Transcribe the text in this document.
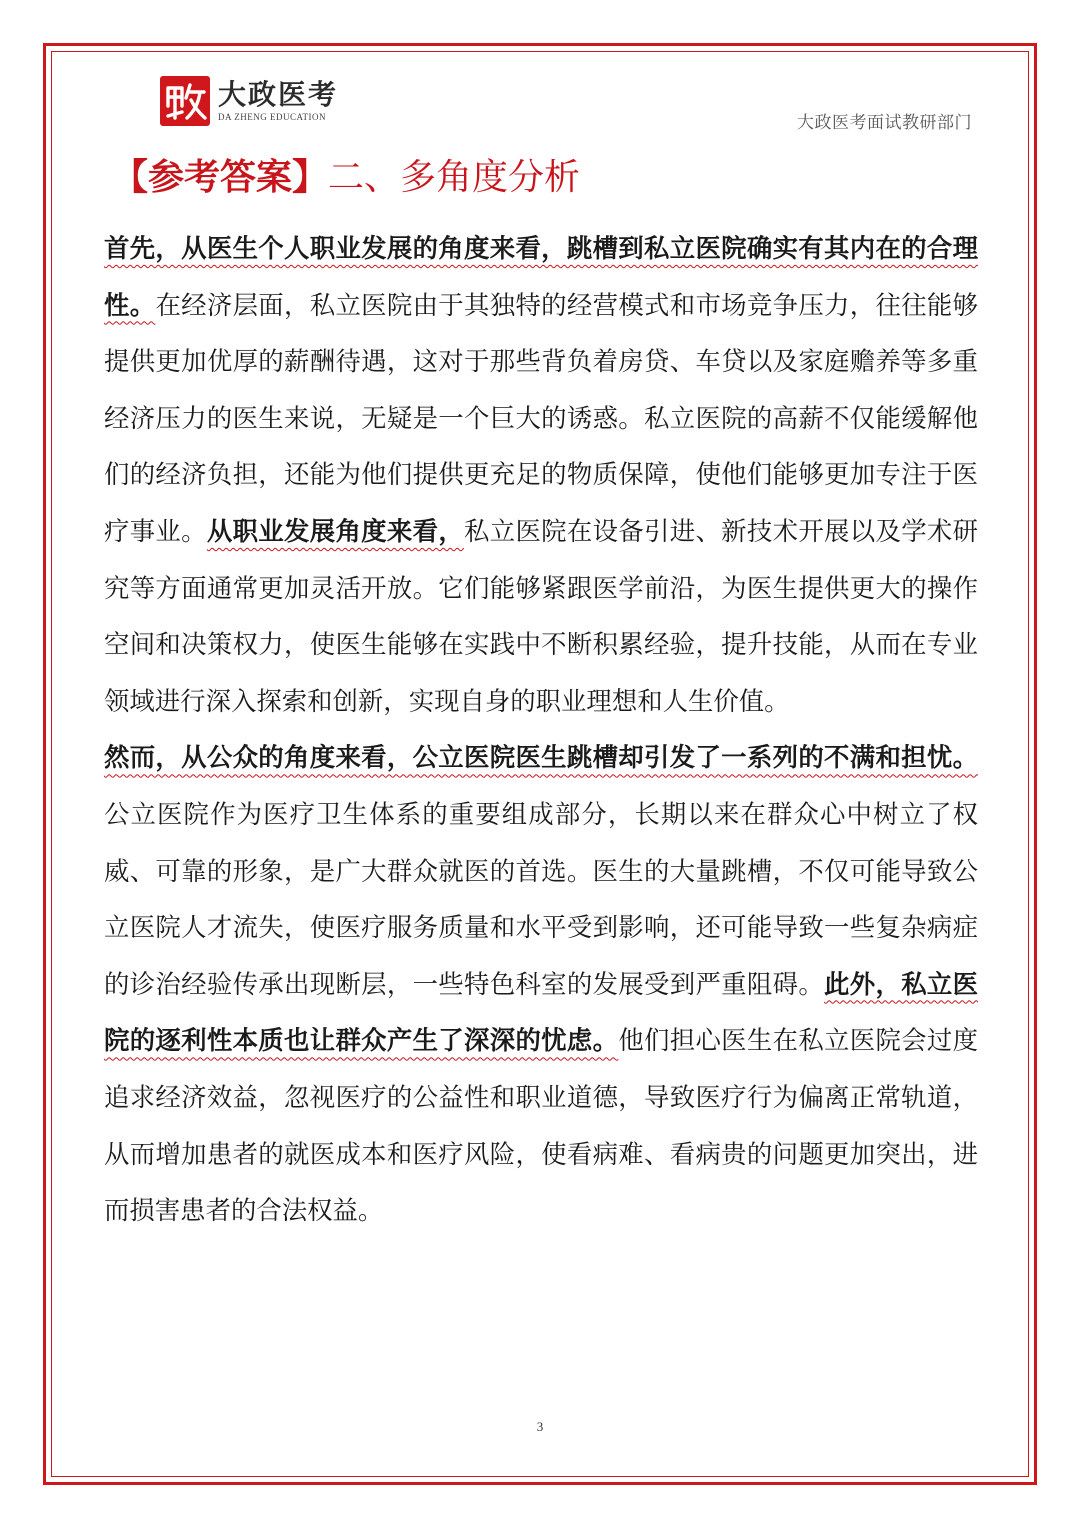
大政医考
DA ZHENG EDUCATION	大政医考面试教研部门
【参考答案】二、多角度分析

首先，从医生个人职业发展的角度来看，跳槽到私立医院确实有其内在的合理性。在经济层面，私立医院由于其独特的经营模式和市场竞争压力，往往能够提供更加优厚的薪酬待遇，这对于那些背负着房贷、车贷以及家庭赡养等多重经济压力的医生来说，无疑是一个巨大的诱惑。私立医院的高薪不仅能缓解他们的经济负担，还能为他们提供更充足的物质保障，使他们能够更加专注于医疗事业。从职业发展角度来看，私立医院在设备引进、新技术开展以及学术研究等方面通常更加灵活开放。它们能够紧跟医学前沿，为医生提供更大的操作空间和决策权力，使医生能够在实践中不断积累经验，提升技能，从而在专业领域进行深入探索和创新，实现自身的职业理想和人生价值。

然而，从公众的角度来看，公立医院医生跳槽却引发了一系列的不满和担忧。公立医院作为医疗卫生体系的重要组成部分，长期以来在群众心中树立了权威、可靠的形象，是广大群众就医的首选。医生的大量跳槽，不仅可能导致公立医院人才流失，使医疗服务质量和水平受到影响，还可能导致一些复杂病症的诊治经验传承出现断层，一些特色科室的发展受到严重阻碍。此外，私立医院的逐利性本质也让群众产生了深深的忧虑。他们担心医生在私立医院会过度追求经济效益，忽视医疗的公益性和职业道德，导致医疗行为偏离正常轨道，从而增加患者的就医成本和医疗风险，使看病难、看病贵的问题更加突出，进而损害患者的合法权益。

3
